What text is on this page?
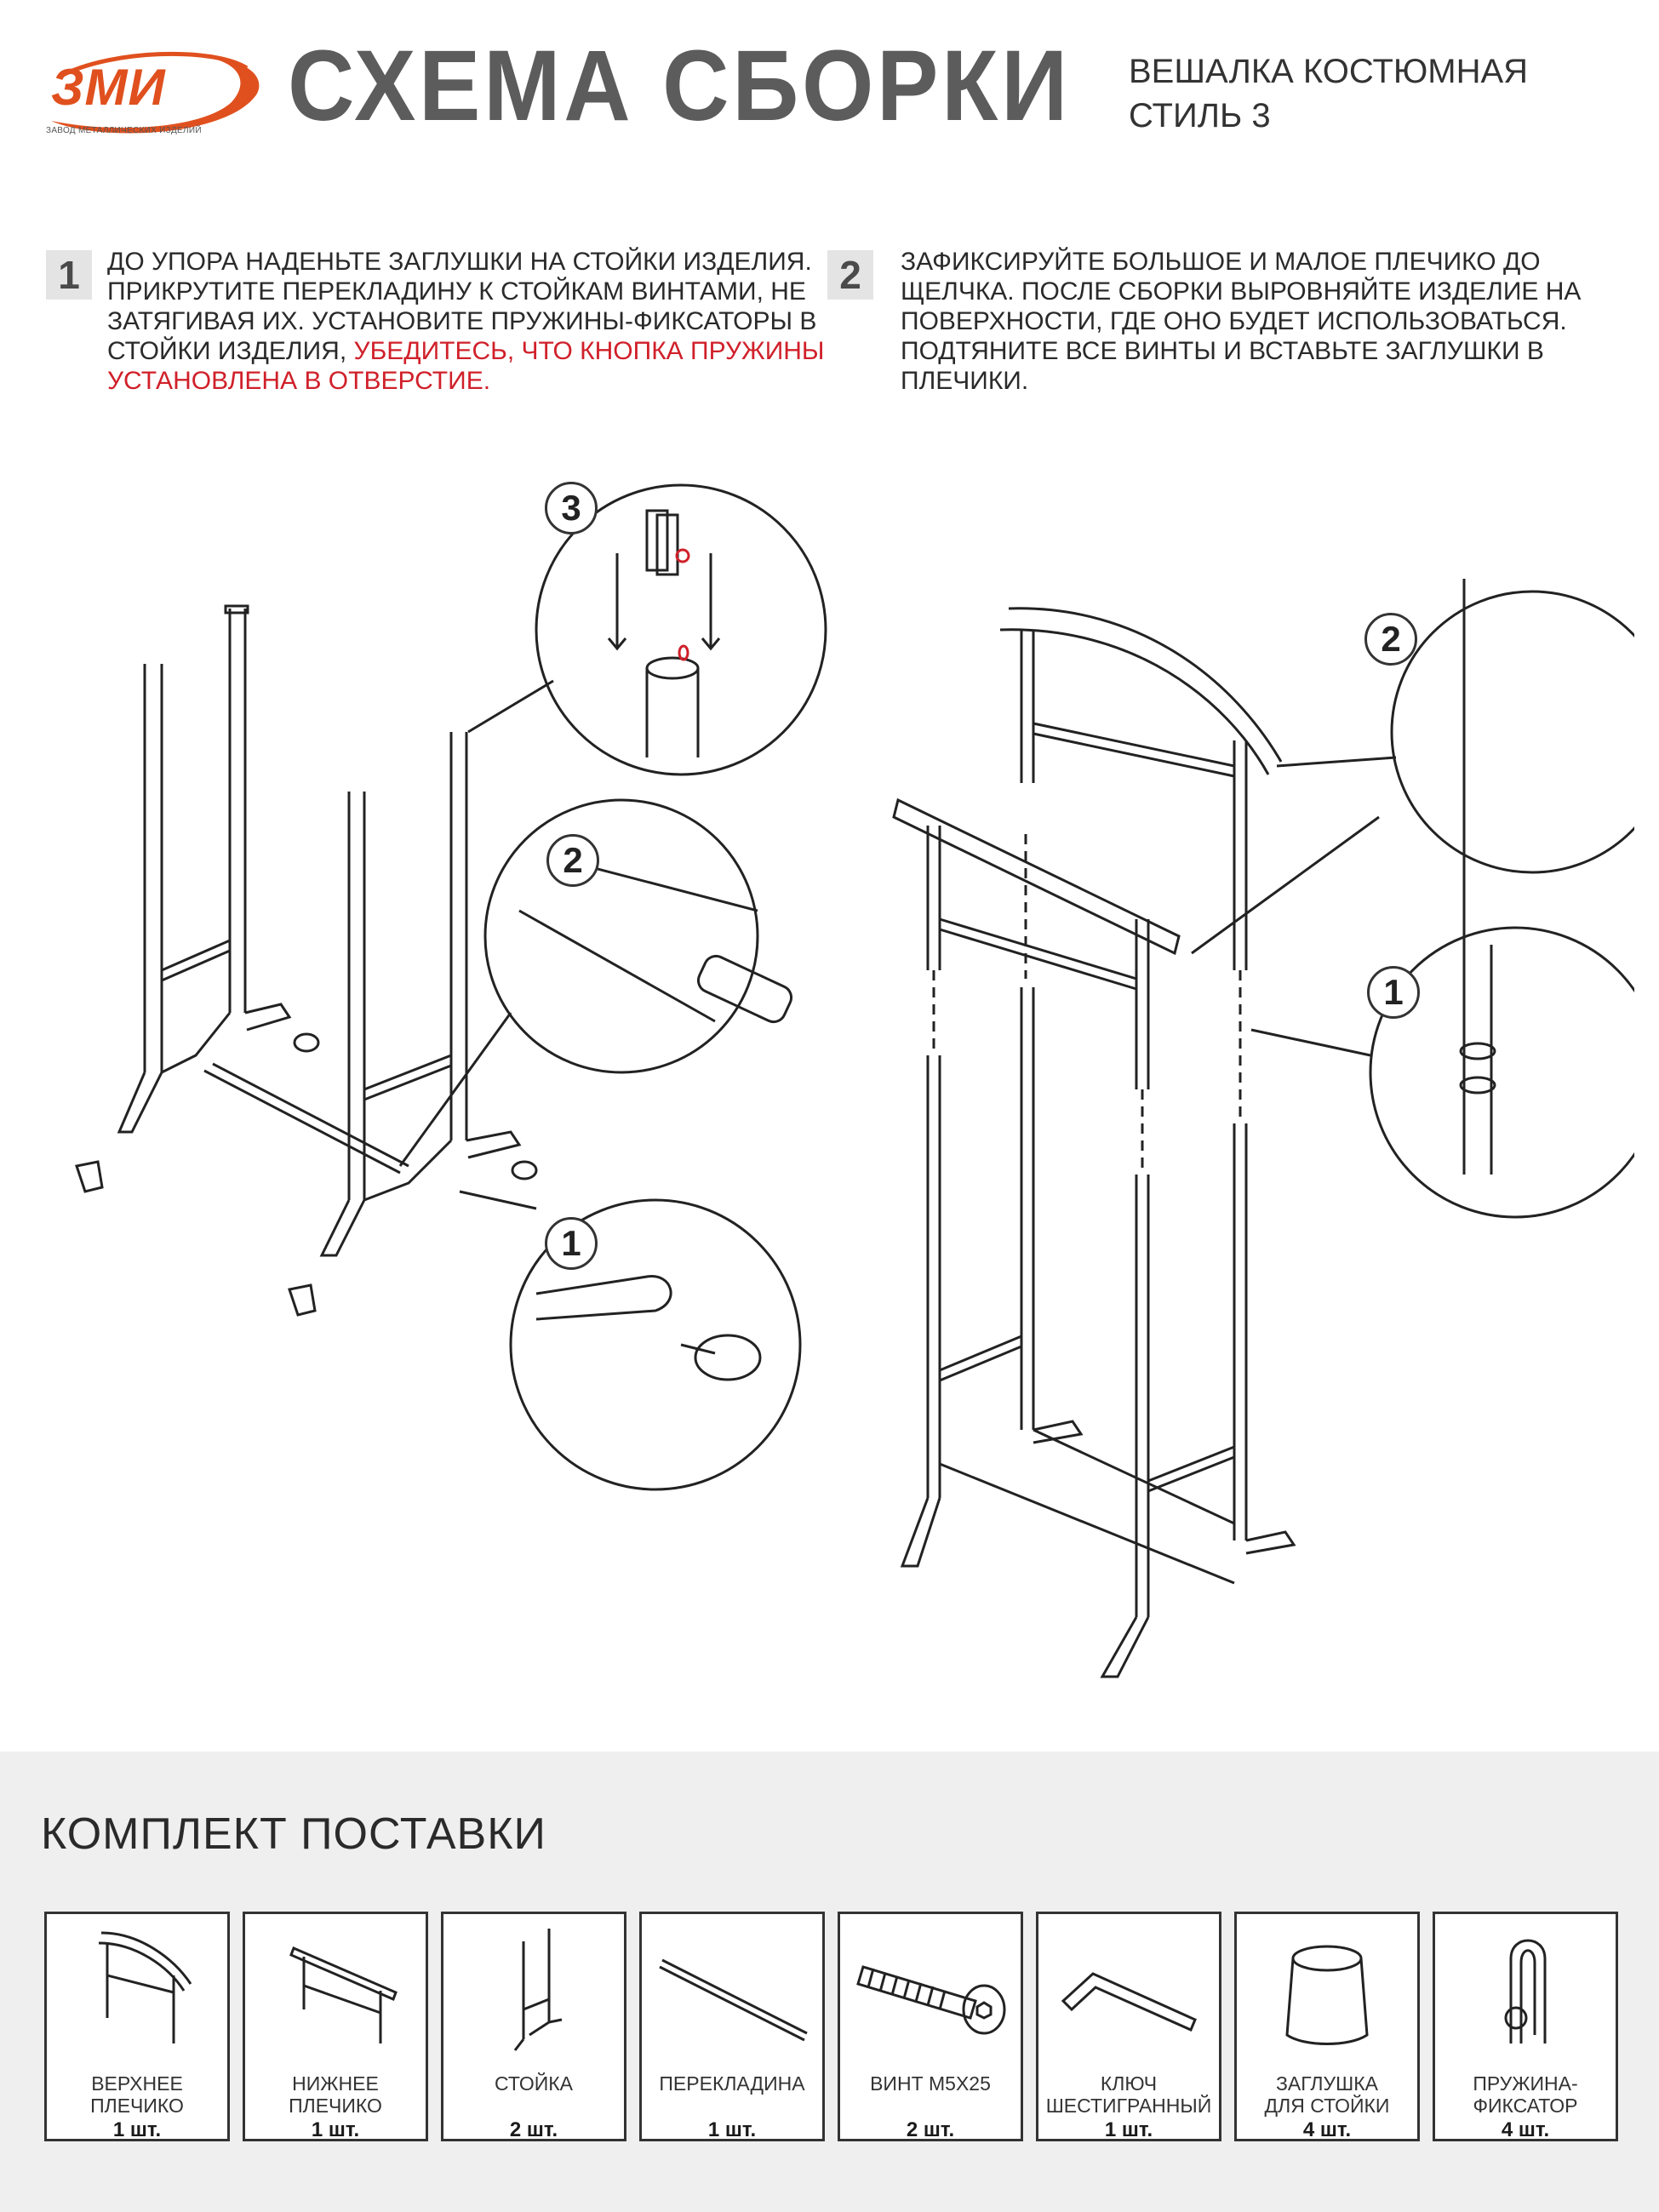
ЗМИ
ЗАВОД МЕТАЛЛИЧЕСКИХ ИЗДЕЛИЙ СХЕМА СБОРКИ ВЕШАЛКА КОСТЮМНАЯ
СТИЛЬ 3
1	ДО УПОРА НАДЕНЬТЕ ЗАГЛУШКИ НА СТОЙКИ ИЗДЕЛИЯ. ПРИКРУТИТЕ ПЕРЕКЛАДИНУ К СТОЙКАМ ВИНТАМИ, НЕ ЗАТЯГИВАЯ ИХ. УСТАНОВИТЕ ПРУЖИНЫ-ФИКСАТОРЫ В СТОЙКИ ИЗДЕЛИЯ, УБЕДИТЕСЬ, ЧТО КНОПКА ПРУЖИНЫ УСТАНОВЛЕНА В ОТВЕРСТИЕ.
2	ЗАФИКСИРУЙТЕ БОЛЬШОЕ И МАЛОЕ ПЛЕЧИКО ДО ЩЕЛЧКА. ПОСЛЕ СБОРКИ ВЫРОВНЯЙТЕ ИЗДЕЛИЕ НА ПОВЕРХНОСТИ, ГДЕ ОНО БУДЕТ ИСПОЛЬЗОВАТЬСЯ. ПОДТЯНИТЕ ВСЕ ВИНТЫ И ВСТАВЬТЕ ЗАГЛУШКИ В ПЛЕЧИКИ.
3
2
1
2
1
КОМПЛЕКТ ПОСТАВКИ
ВЕРХНЕЕ
ПЛЕЧИКО
1 шт.
НИЖНЕЕ
ПЛЕЧИКО
1 шт.
СТОЙКА
2 шт.
ПЕРЕКЛАДИНА
1 шт.
ВИНТ М5Х25
2 шт.
КЛЮЧ
ШЕСТИГРАННЫЙ
1 шт.
ЗАГЛУШКА
ДЛЯ СТОЙКИ
4 шт.
ПРУЖИНА-
ФИКСАТОР
4 шт.
